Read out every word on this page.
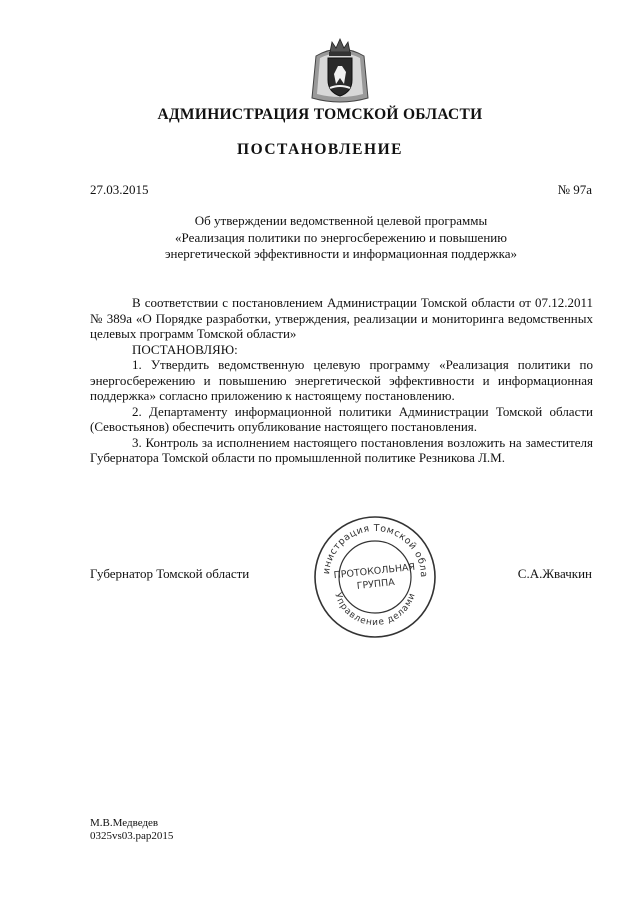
АДМИНИСТРАЦИЯ ТОМСКОЙ ОБЛАСТИ
ПОСТАНОВЛЕНИЕ
27.03.2015	№ 97а
Об утверждении ведомственной целевой программы
«Реализация политики по энергосбережению и повышению
энергетической эффективности и информационная поддержка»

В соответствии с постановлением Администрации Томской области от 07.12.2011 № 389а «О Порядке разработки, утверждения, реализации и мониторинга ведомственных целевых программ Томской области»

ПОСТАНОВЛЯЮ:

1. Утвердить ведомственную целевую программу «Реализация политики по энергосбережению и повышению энергетической эффективности и информационная поддержка» согласно приложению к настоящему постановлению.

2. Департаменту информационной политики Администрации Томской области (Севостьянов) обеспечить опубликование настоящего постановления.

3. Контроль за исполнением настоящего постановления возложить на заместителя Губернатора Томской области по промышленной политике Резникова Л.М.

Губернатор Томской области	С.А.Жвачкин
инистрация Томской обла
Управление делами
ПРОТОКОЛЬНАЯ
ГРУППА
М.В.Медведев
0325vs03.pap2015
